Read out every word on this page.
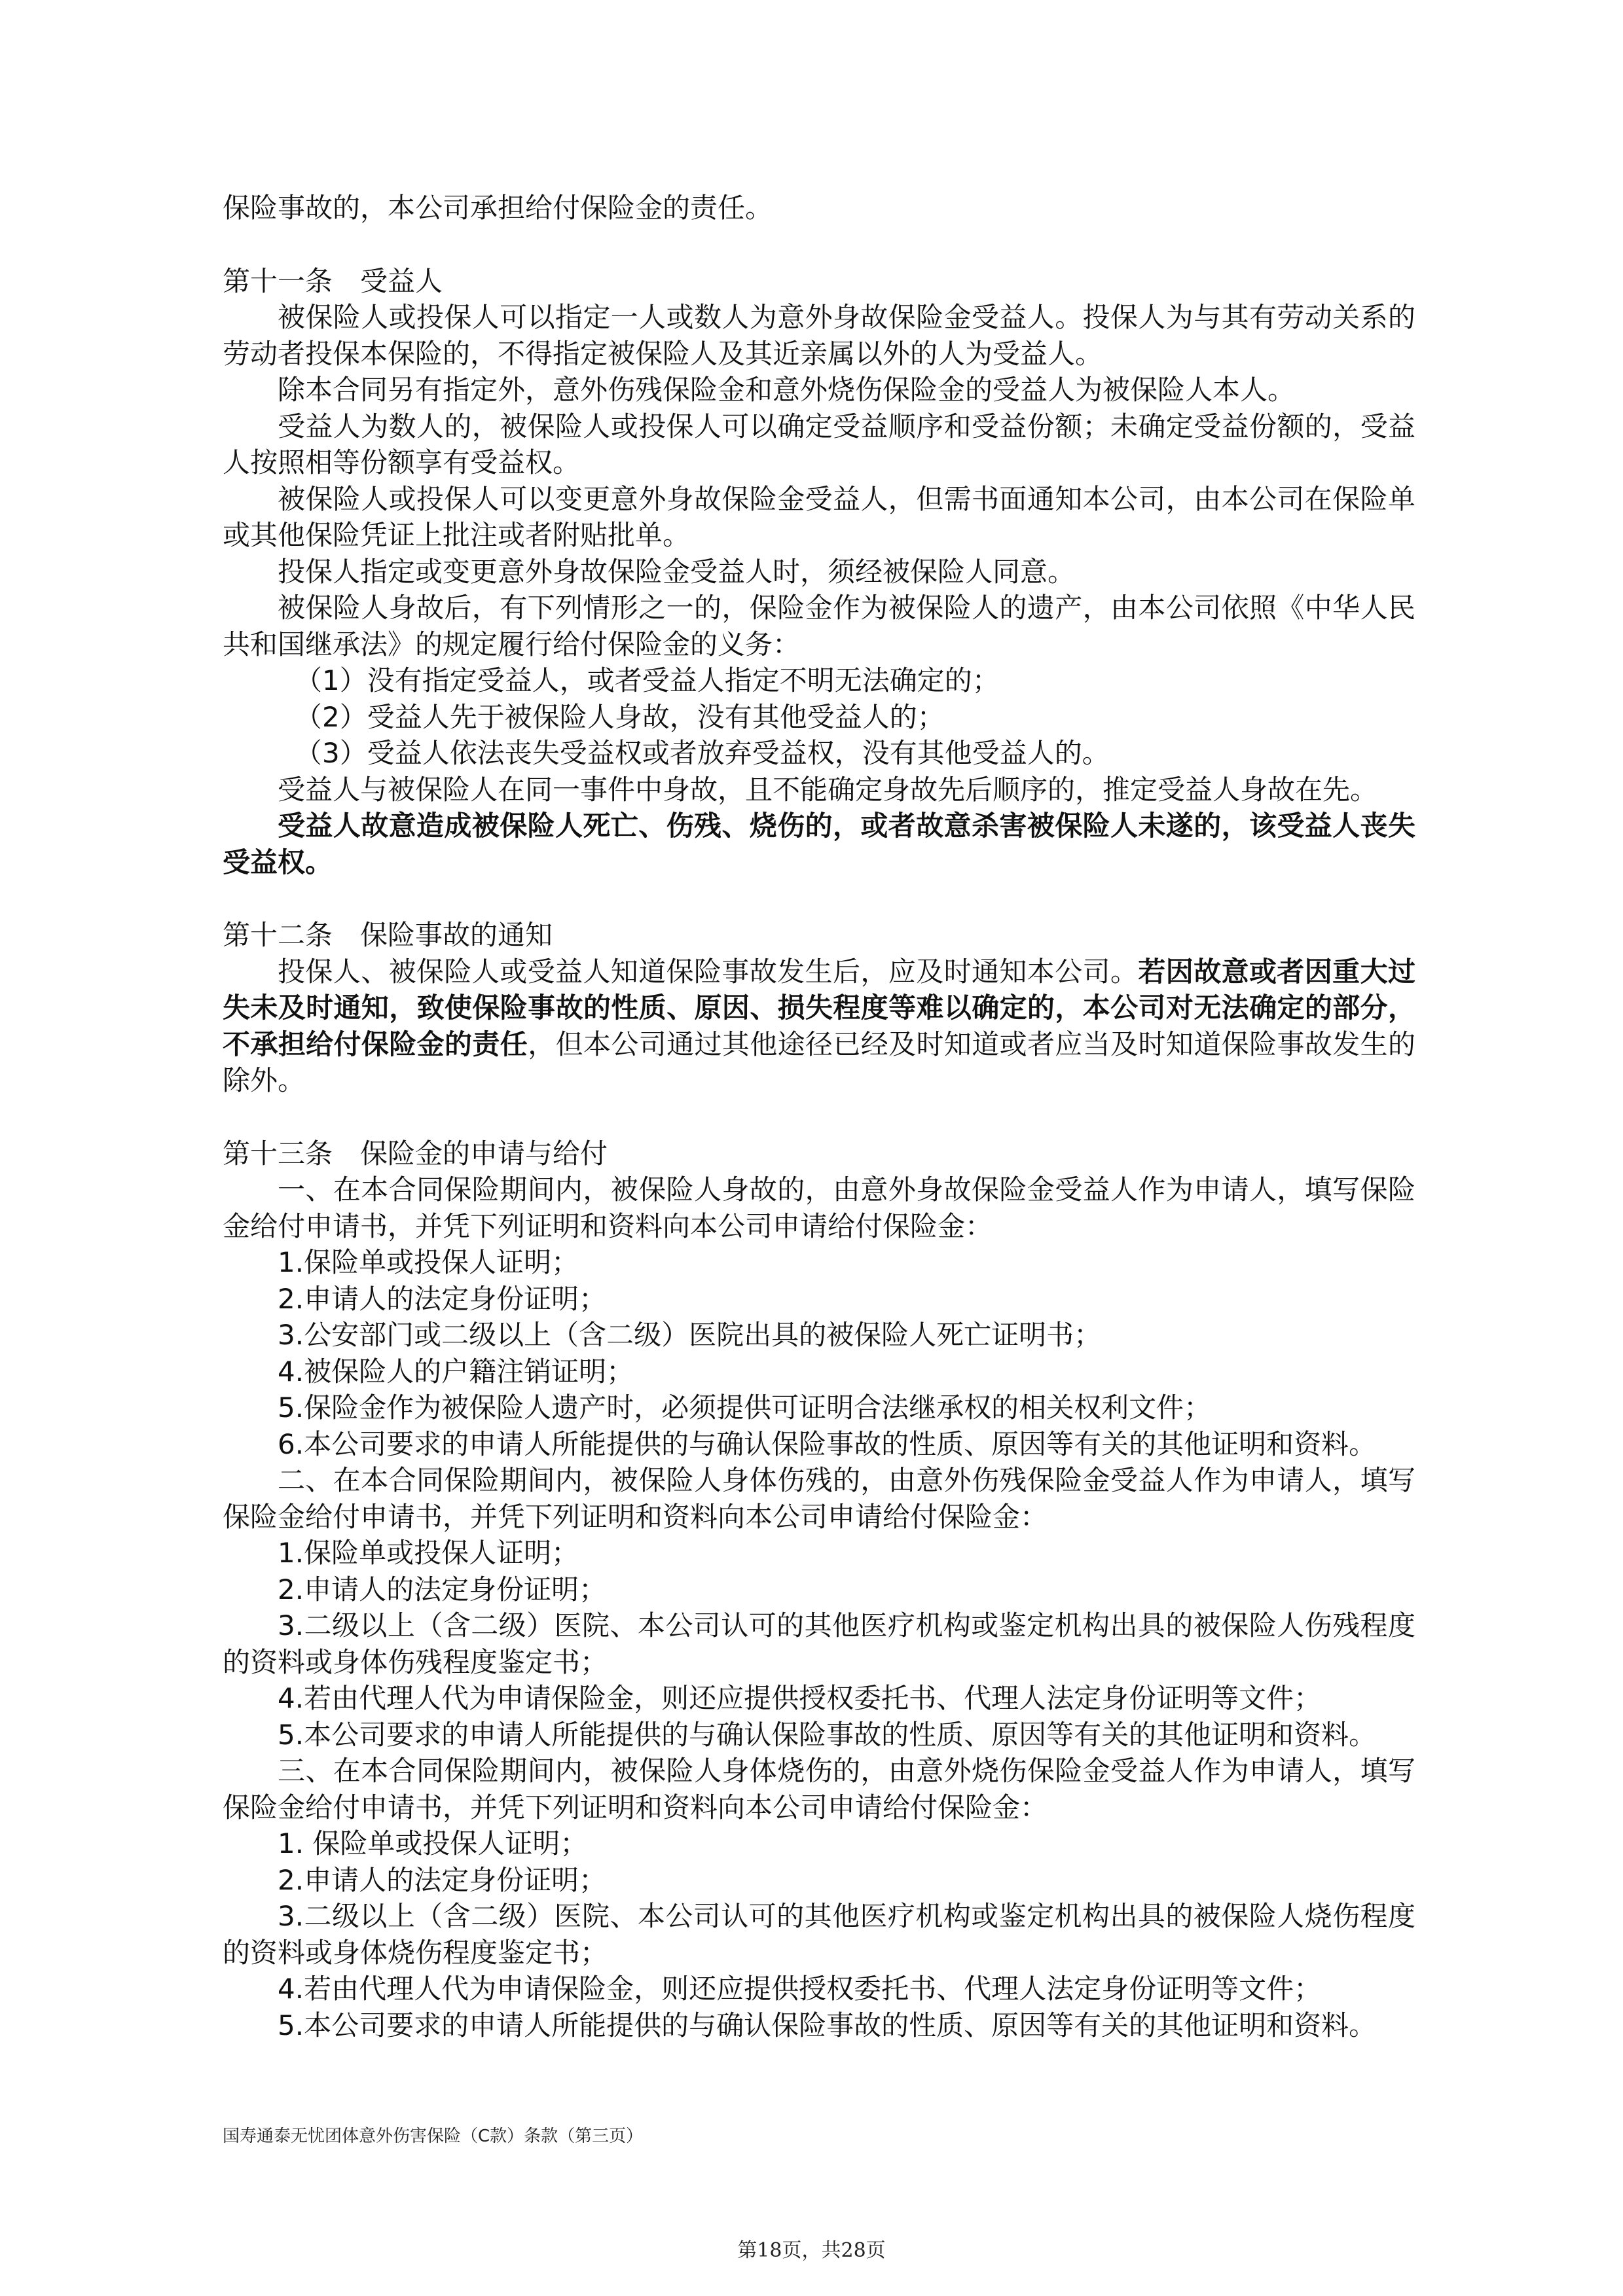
保险事故的，本公司承担给付保险金的责任。

第十一条　受益人

被保险人或投保人可以指定一人或数人为意外身故保险金受益人。投保人为与其有劳动关系的劳动者投保本保险的，不得指定被保险人及其近亲属以外的人为受益人。

除本合同另有指定外，意外伤残保险金和意外烧伤保险金的受益人为被保险人本人。

受益人为数人的，被保险人或投保人可以确定受益顺序和受益份额；未确定受益份额的，受益人按照相等份额享有受益权。

被保险人或投保人可以变更意外身故保险金受益人，但需书面通知本公司，由本公司在保险单或其他保险凭证上批注或者附贴批单。

投保人指定或变更意外身故保险金受益人时，须经被保险人同意。

被保险人身故后，有下列情形之一的，保险金作为被保险人的遗产，由本公司依照《中华人民共和国继承法》的规定履行给付保险金的义务：

（1）没有指定受益人，或者受益人指定不明无法确定的；

（2）受益人先于被保险人身故，没有其他受益人的；

（3）受益人依法丧失受益权或者放弃受益权，没有其他受益人的。

受益人与被保险人在同一事件中身故，且不能确定身故先后顺序的，推定受益人身故在先。

受益人故意造成被保险人死亡、伤残、烧伤的，或者故意杀害被保险人未遂的，该受益人丧失受益权。

第十二条　保险事故的通知

投保人、被保险人或受益人知道保险事故发生后，应及时通知本公司。若因故意或者因重大过失未及时通知，致使保险事故的性质、原因、损失程度等难以确定的，本公司对无法确定的部分，不承担给付保险金的责任，但本公司通过其他途径已经及时知道或者应当及时知道保险事故发生的除外。

第十三条　保险金的申请与给付

一、在本合同保险期间内，被保险人身故的，由意外身故保险金受益人作为申请人，填写保险金给付申请书，并凭下列证明和资料向本公司申请给付保险金：

1.保险单或投保人证明；

2.申请人的法定身份证明；

3.公安部门或二级以上（含二级）医院出具的被保险人死亡证明书；

4.被保险人的户籍注销证明；

5.保险金作为被保险人遗产时，必须提供可证明合法继承权的相关权利文件；

6.本公司要求的申请人所能提供的与确认保险事故的性质、原因等有关的其他证明和资料。

二、在本合同保险期间内，被保险人身体伤残的，由意外伤残保险金受益人作为申请人，填写保险金给付申请书，并凭下列证明和资料向本公司申请给付保险金：

1.保险单或投保人证明；

2.申请人的法定身份证明；

3.二级以上（含二级）医院、本公司认可的其他医疗机构或鉴定机构出具的被保险人伤残程度的资料或身体伤残程度鉴定书；

4.若由代理人代为申请保险金，则还应提供授权委托书、代理人法定身份证明等文件；

5.本公司要求的申请人所能提供的与确认保险事故的性质、原因等有关的其他证明和资料。

三、在本合同保险期间内，被保险人身体烧伤的，由意外烧伤保险金受益人作为申请人，填写保险金给付申请书，并凭下列证明和资料向本公司申请给付保险金：

1. 保险单或投保人证明；

2.申请人的法定身份证明；

3.二级以上（含二级）医院、本公司认可的其他医疗机构或鉴定机构出具的被保险人烧伤程度的资料或身体烧伤程度鉴定书；

4.若由代理人代为申请保险金，则还应提供授权委托书、代理人法定身份证明等文件；

5.本公司要求的申请人所能提供的与确认保险事故的性质、原因等有关的其他证明和资料。

国寿通泰无忧团体意外伤害保险（C款）条款（第三页）
第18页，共28页
